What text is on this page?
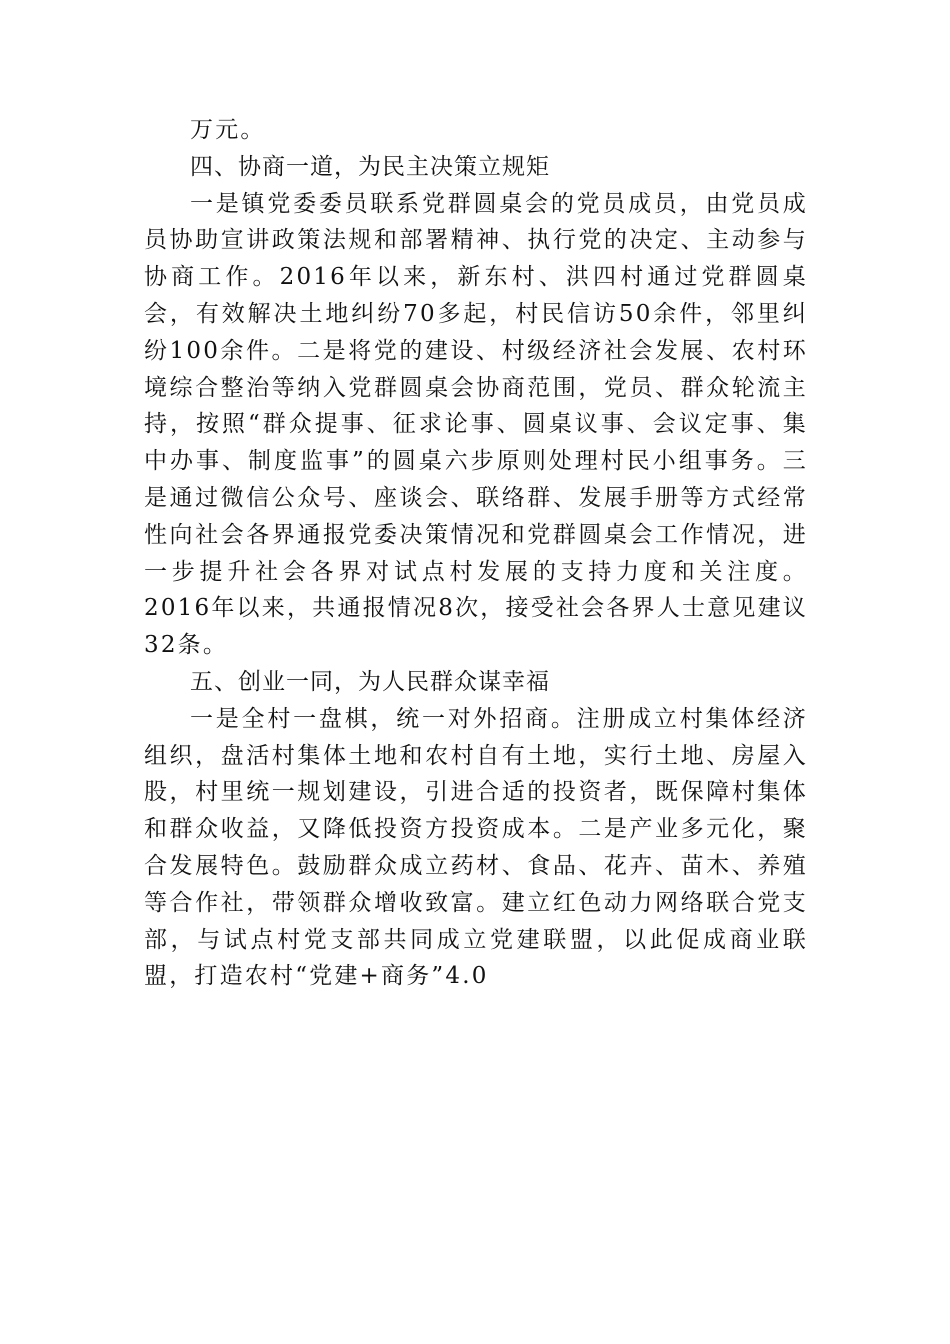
万元。

四、协商一道，为民主决策立规矩

一是镇党委委员联系党群圆桌会的党员成员，由党员成员协助宣讲政策法规和部署精神、执行党的决定、主动参与协商工作。2016年以来，新东村、洪四村通过党群圆桌会，有效解决土地纠纷70多起，村民信访50余件，邻里纠纷100余件。二是将党的建设、村级经济社会发展、农村环境综合整治等纳入党群圆桌会协商范围，党员、群众轮流主持，按照“群众提事、征求论事、圆桌议事、会议定事、集中办事、制度监事”的圆桌六步原则处理村民小组事务。三是通过微信公众号、座谈会、联络群、发展手册等方式经常性向社会各界通报党委决策情况和党群圆桌会工作情况，进一步提升社会各界对试点村发展的支持力度和关注度。2016年以来，共通报情况8次，接受社会各界人士意见建议32条。

五、创业一同，为人民群众谋幸福

一是全村一盘棋，统一对外招商。注册成立村集体经济组织，盘活村集体土地和农村自有土地，实行土地、房屋入股，村里统一规划建设，引进合适的投资者，既保障村集体和群众收益，又降低投资方投资成本。二是产业多元化，聚合发展特色。鼓励群众成立药材、食品、花卉、苗木、养殖等合作社，带领群众增收致富。建立红色动力网络联合党支部，与试点村党支部共同成立党建联盟，以此促成商业联盟，打造农村“党建+商务”4.0
